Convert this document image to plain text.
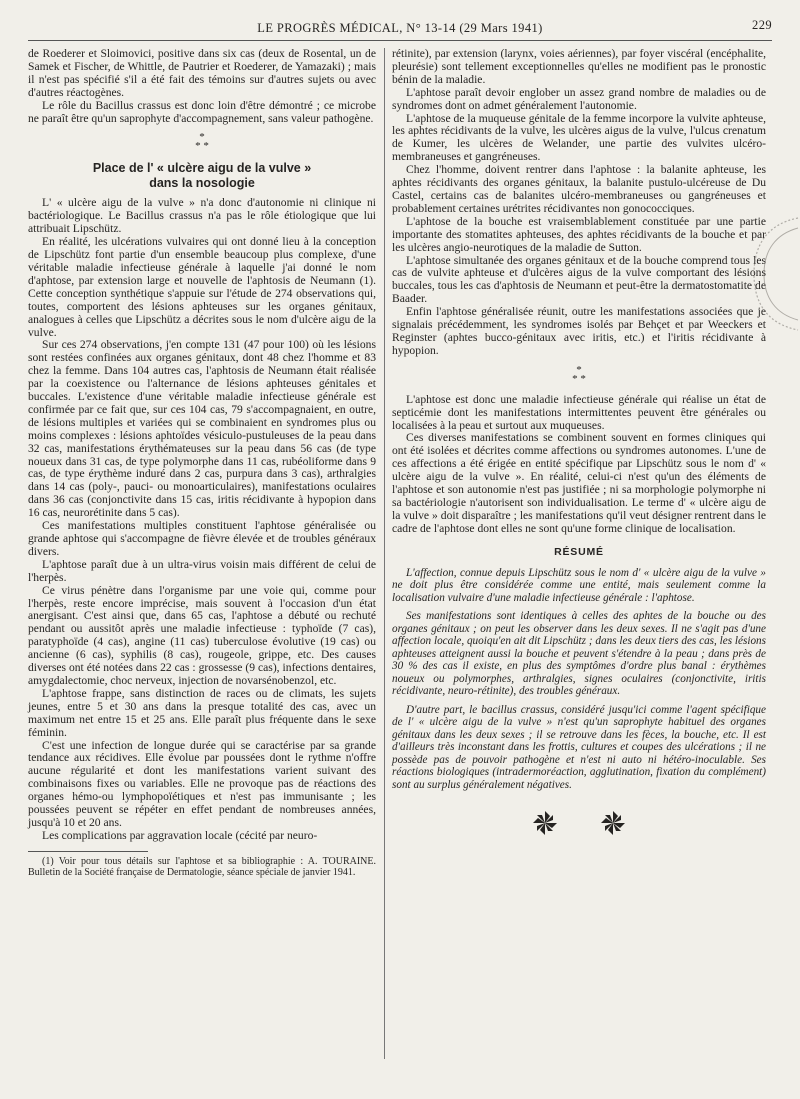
LE PROGRÈS MÉDICAL, N° 13-14 (29 Mars 1941)	229

de Roederer et Sloimovici, positive dans six cas (deux de Rosental, un de Samek et Fischer, de Whittle, de Pautrier et Roederer, de Yamazaki) ; mais il n'est pas spécifié s'il a été fait des témoins sur d'autres sujets ou avec d'autres réactogènes.

Le rôle du Bacillus crassus est donc loin d'être démontré ; ce microbe ne paraît être qu'un saprophyte d'accompagnement, sans valeur pathogène.

*
* *
Place de l' « ulcère aigu de la vulve »
dans la nosologie

L' « ulcère aigu de la vulve » n'a donc d'autonomie ni clinique ni bactériologique. Le Bacillus crassus n'a pas le rôle étiologique que lui attribuait Lipschütz.

En réalité, les ulcérations vulvaires qui ont donné lieu à la conception de Lipschütz font partie d'un ensemble beaucoup plus complexe, d'une véritable maladie infectieuse générale à laquelle j'ai donné le nom d'aphtose, par extension large et nouvelle de l'aphtosis de Neumann (1). Cette conception synthétique s'appuie sur l'étude de 274 observations qui, toutes, comportent des lésions aphteuses sur les organes génitaux, analogues à celles que Lipschütz a décrites sous le nom d'ulcère aigu de la vulve.

Sur ces 274 observations, j'en compte 131 (47 pour 100) où les lésions sont restées confinées aux organes génitaux, dont 48 chez l'homme et 83 chez la femme. Dans 104 autres cas, l'aphtosis de Neumann était réalisée par la coexistence ou l'alternance de lésions aphteuses génitales et buccales. L'existence d'une véritable maladie infectieuse générale est confirmée par ce fait que, sur ces 104 cas, 79 s'accompagnaient, en outre, de lésions multiples et variées qui se combinaient en syndromes plus ou moins complexes : lésions aphtoïdes vésiculo-pustuleuses de la peau dans 32 cas, manifestations érythémateuses sur la peau dans 56 cas (de type noueux dans 31 cas, de type polymorphe dans 11 cas, rubéoliforme dans 9 cas, de type érythème induré dans 2 cas, purpura dans 3 cas), arthralgies dans 14 cas (poly-, pauci- ou monoarticulaires), manifestations oculaires dans 36 cas (conjonctivite dans 15 cas, iritis récidivante à hypopion dans 16 cas, neurorétinite dans 5 cas).

Ces manifestations multiples constituent l'aphtose généralisée ou grande aphtose qui s'accompagne de fièvre élevée et de troubles généraux divers.

L'aphtose paraît due à un ultra-virus voisin mais différent de celui de l'herpès.

Ce virus pénètre dans l'organisme par une voie qui, comme pour l'herpès, reste encore imprécise, mais souvent à l'occasion d'un état anergisant. C'est ainsi que, dans 65 cas, l'aphtose a débuté ou rechuté pendant ou aussitôt après une maladie infectieuse : typhoïde (7 cas), paratyphoïde (4 cas), angine (11 cas) tuberculose évolutive (19 cas) ou ancienne (6 cas), syphilis (8 cas), rougeole, grippe, etc. Des causes diverses ont été notées dans 22 cas : grossesse (9 cas), infections dentaires, amygdalectomie, choc nerveux, injection de novarsénobenzol, etc.

L'aphtose frappe, sans distinction de races ou de climats, les sujets jeunes, entre 5 et 30 ans dans la presque totalité des cas, avec un maximum net entre 15 et 25 ans. Elle paraît plus fréquente dans le sexe féminin.

C'est une infection de longue durée qui se caractérise par sa grande tendance aux récidives. Elle évolue par poussées dont le rythme n'offre aucune régularité et dont les manifestations varient suivant des combinaisons fixes ou variables. Elle ne provoque pas de réactions des organes hémo-ou lymphopoïétiques et n'est pas immunisante ; les poussées peuvent se répéter en effet pendant de nombreuses années, jusqu'à 10 et 20 ans.

Les complications par aggravation locale (cécité par neuro-

(1) Voir pour tous détails sur l'aphtose et sa bibliographie : A. TOURAINE. Bulletin de la Société française de Dermatologie, séance spéciale de janvier 1941.

rétinite), par extension (larynx, voies aériennes), par foyer viscéral (encéphalite, pleurésie) sont tellement exceptionnelles qu'elles ne modifient pas le pronostic bénin de la maladie.

L'aphtose paraît devoir englober un assez grand nombre de maladies ou de syndromes dont on admet généralement l'autonomie.

L'aphtose de la muqueuse génitale de la femme incorpore la vulvite aphteuse, les aphtes récidivants de la vulve, les ulcères aigus de la vulve, l'ulcus crenatum de Kumer, les ulcères de Welander, une partie des vulvites ulcéro-membraneuses et gangréneuses.

Chez l'homme, doivent rentrer dans l'aphtose : la balanite aphteuse, les aphtes récidivants des organes génitaux, la balanite pustulo-ulcéreuse de Du Castel, certains cas de balanites ulcéro-membraneuses ou gangréneuses et probablement certaines urétrites récidivantes non gonococciques.

L'aphtose de la bouche est vraisemblablement constituée par une partie importante des stomatites aphteuses, des aphtes récidivants de la bouche et par les ulcères angio-neurotiques de la maladie de Sutton.

L'aphtose simultanée des organes génitaux et de la bouche comprend tous les cas de vulvite aphteuse et d'ulcères aigus de la vulve comportant des lésions buccales, tous les cas d'aphtosis de Neumann et peut-être la dermatostomatite de Baader.

Enfin l'aphtose généralisée réunit, outre les manifestations associées que je signalais précédemment, les syndromes isolés par Behçet et par Weeckers et Reginster (aphtes bucco-génitaux avec iritis, etc.) et l'iritis récidivante à hypopion.

*
* *

L'aphtose est donc une maladie infectieuse générale qui réalise un état de septicémie dont les manifestations intermittentes peuvent être générales ou localisées à la peau et surtout aux muqueuses.

Ces diverses manifestations se combinent souvent en formes cliniques qui ont été isolées et décrites comme affections ou syndromes autonomes. L'une de ces affections a été érigée en entité spécifique par Lipschütz sous le nom d' « ulcère aigu de la vulve ». En réalité, celui-ci n'est qu'un des éléments de l'aphtose et son autonomie n'est pas justifiée ; ni sa morphologie polymorphe ni sa bactériologie n'autorisent son individualisation. Le terme d' « ulcère aigu de la vulve » doit disparaître ; les manifestations qu'il veut désigner rentrent dans le cadre de l'aphtose dont elles ne sont qu'une forme clinique de localisation.

RÉSUMÉ

L'affection, connue depuis Lipschütz sous le nom d' « ulcère aigu de la vulve » ne doit plus être considérée comme une entité, mais seulement comme la localisation vulvaire d'une maladie infectieuse générale : l'aphtose.

Ses manifestations sont identiques à celles des aphtes de la bouche ou des organes génitaux ; on peut les observer dans les deux sexes. Il ne s'agit pas d'une affection locale, quoiqu'en ait dit Lipschütz ; dans les deux tiers des cas, les lésions aphteuses atteignent aussi la bouche et peuvent s'étendre à la peau ; dans près de 30 % des cas il existe, en plus des symptômes d'ordre plus banal : érythèmes noueux ou polymorphes, arthralgies, signes oculaires (conjonctivite, iritis récidivante, neuro-rétinite), des troubles généraux.

D'autre part, le bacillus crassus, considéré jusqu'ici comme l'agent spécifique de l' « ulcère aigu de la vulve » n'est qu'un saprophyte habituel des organes génitaux dans les deux sexes ; il se retrouve dans les fèces, la bouche, etc. Il est d'ailleurs très inconstant dans les frottis, cultures et coupes des ulcérations ; il ne possède pas de pouvoir pathogène et n'est ni auto ni hétéro-inoculable. Ses réactions biologiques (intradermoréaction, agglutination, fixation du complément) sont au surplus généralement négatives.
